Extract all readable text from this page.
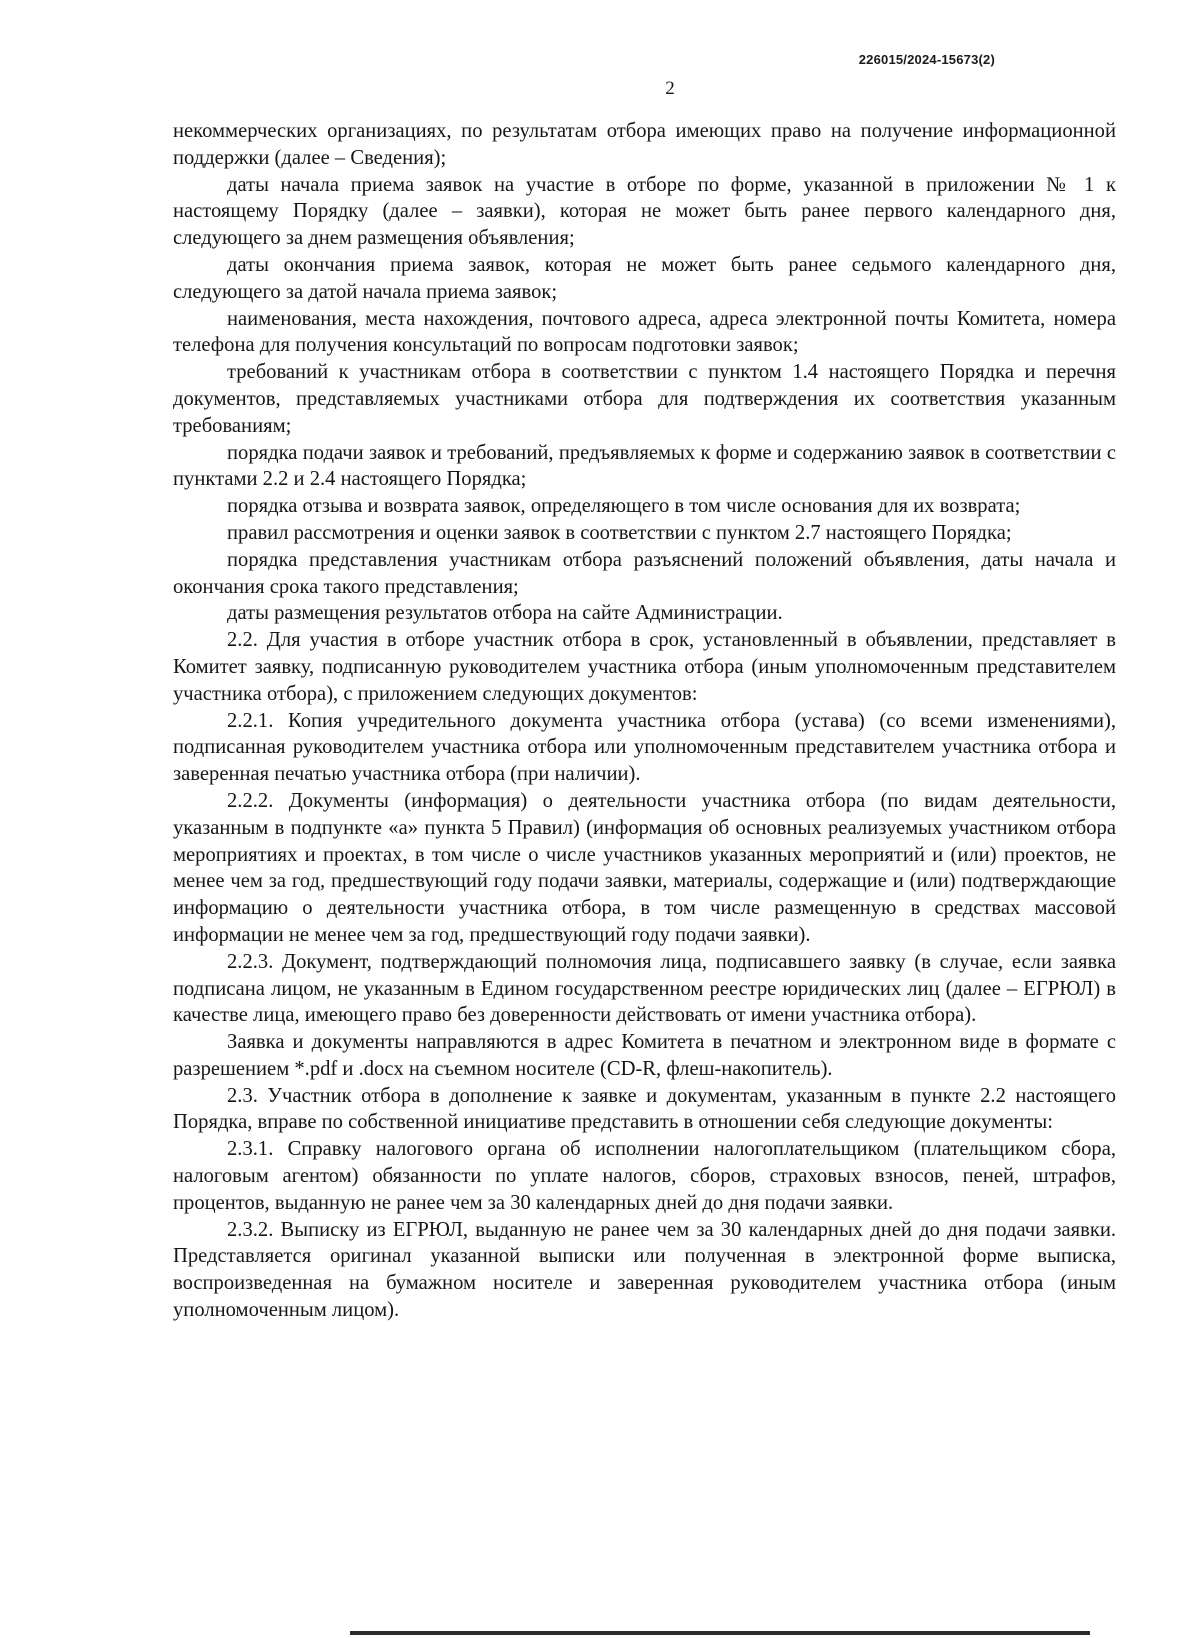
226015/2024-15673(2)
2

некоммерческих организациях, по результатам отбора имеющих право на получение информационной поддержки (далее – Сведения);

даты начала приема заявок на участие в отборе по форме, указанной в приложении № 1 к настоящему Порядку (далее – заявки), которая не может быть ранее первого календарного дня, следующего за днем размещения объявления;

даты окончания приема заявок, которая не может быть ранее седьмого календарного дня, следующего за датой начала приема заявок;

наименования, места нахождения, почтового адреса, адреса электронной почты Комитета, номера телефона для получения консультаций по вопросам подготовки заявок;

требований к участникам отбора в соответствии с пунктом 1.4 настоящего Порядка и перечня документов, представляемых участниками отбора для подтверждения их соответствия указанным требованиям;

порядка подачи заявок и требований, предъявляемых к форме и содержанию заявок в соответствии с пунктами 2.2 и 2.4 настоящего Порядка;

порядка отзыва и возврата заявок, определяющего в том числе основания для их возврата;

правил рассмотрения и оценки заявок в соответствии с пунктом 2.7 настоящего Порядка;

порядка представления участникам отбора разъяснений положений объявления, даты начала и окончания срока такого представления;

даты размещения результатов отбора на сайте Администрации.

2.2. Для участия в отборе участник отбора в срок, установленный в объявлении, представляет в Комитет заявку, подписанную руководителем участника отбора (иным уполномоченным представителем участника отбора), с приложением следующих документов:

2.2.1. Копия учредительного документа участника отбора (устава) (со всеми изменениями), подписанная руководителем участника отбора или уполномоченным представителем участника отбора и заверенная печатью участника отбора (при наличии).

2.2.2. Документы (информация) о деятельности участника отбора (по видам деятельности, указанным в подпункте «а» пункта 5 Правил) (информация об основных реализуемых участником отбора мероприятиях и проектах, в том числе о числе участников указанных мероприятий и (или) проектов, не менее чем за год, предшествующий году подачи заявки, материалы, содержащие и (или) подтверждающие информацию о деятельности участника отбора, в том числе размещенную в средствах массовой информации не менее чем за год, предшествующий году подачи заявки).

2.2.3. Документ, подтверждающий полномочия лица, подписавшего заявку (в случае, если заявка подписана лицом, не указанным в Едином государственном реестре юридических лиц (далее – ЕГРЮЛ) в качестве лица, имеющего право без доверенности действовать от имени участника отбора).

Заявка и документы направляются в адрес Комитета в печатном и электронном виде в формате с разрешением *.pdf и .docx на съемном носителе (CD-R, флеш-накопитель).

2.3. Участник отбора в дополнение к заявке и документам, указанным в пункте 2.2 настоящего Порядка, вправе по собственной инициативе представить в отношении себя следующие документы:

2.3.1. Справку налогового органа об исполнении налогоплательщиком (плательщиком сбора, налоговым агентом) обязанности по уплате налогов, сборов, страховых взносов, пеней, штрафов, процентов, выданную не ранее чем за 30 календарных дней до дня подачи заявки.

2.3.2. Выписку из ЕГРЮЛ, выданную не ранее чем за 30 календарных дней до дня подачи заявки. Представляется оригинал указанной выписки или полученная в электронной форме выписка, воспроизведенная на бумажном носителе и заверенная руководителем участника отбора (иным уполномоченным лицом).
